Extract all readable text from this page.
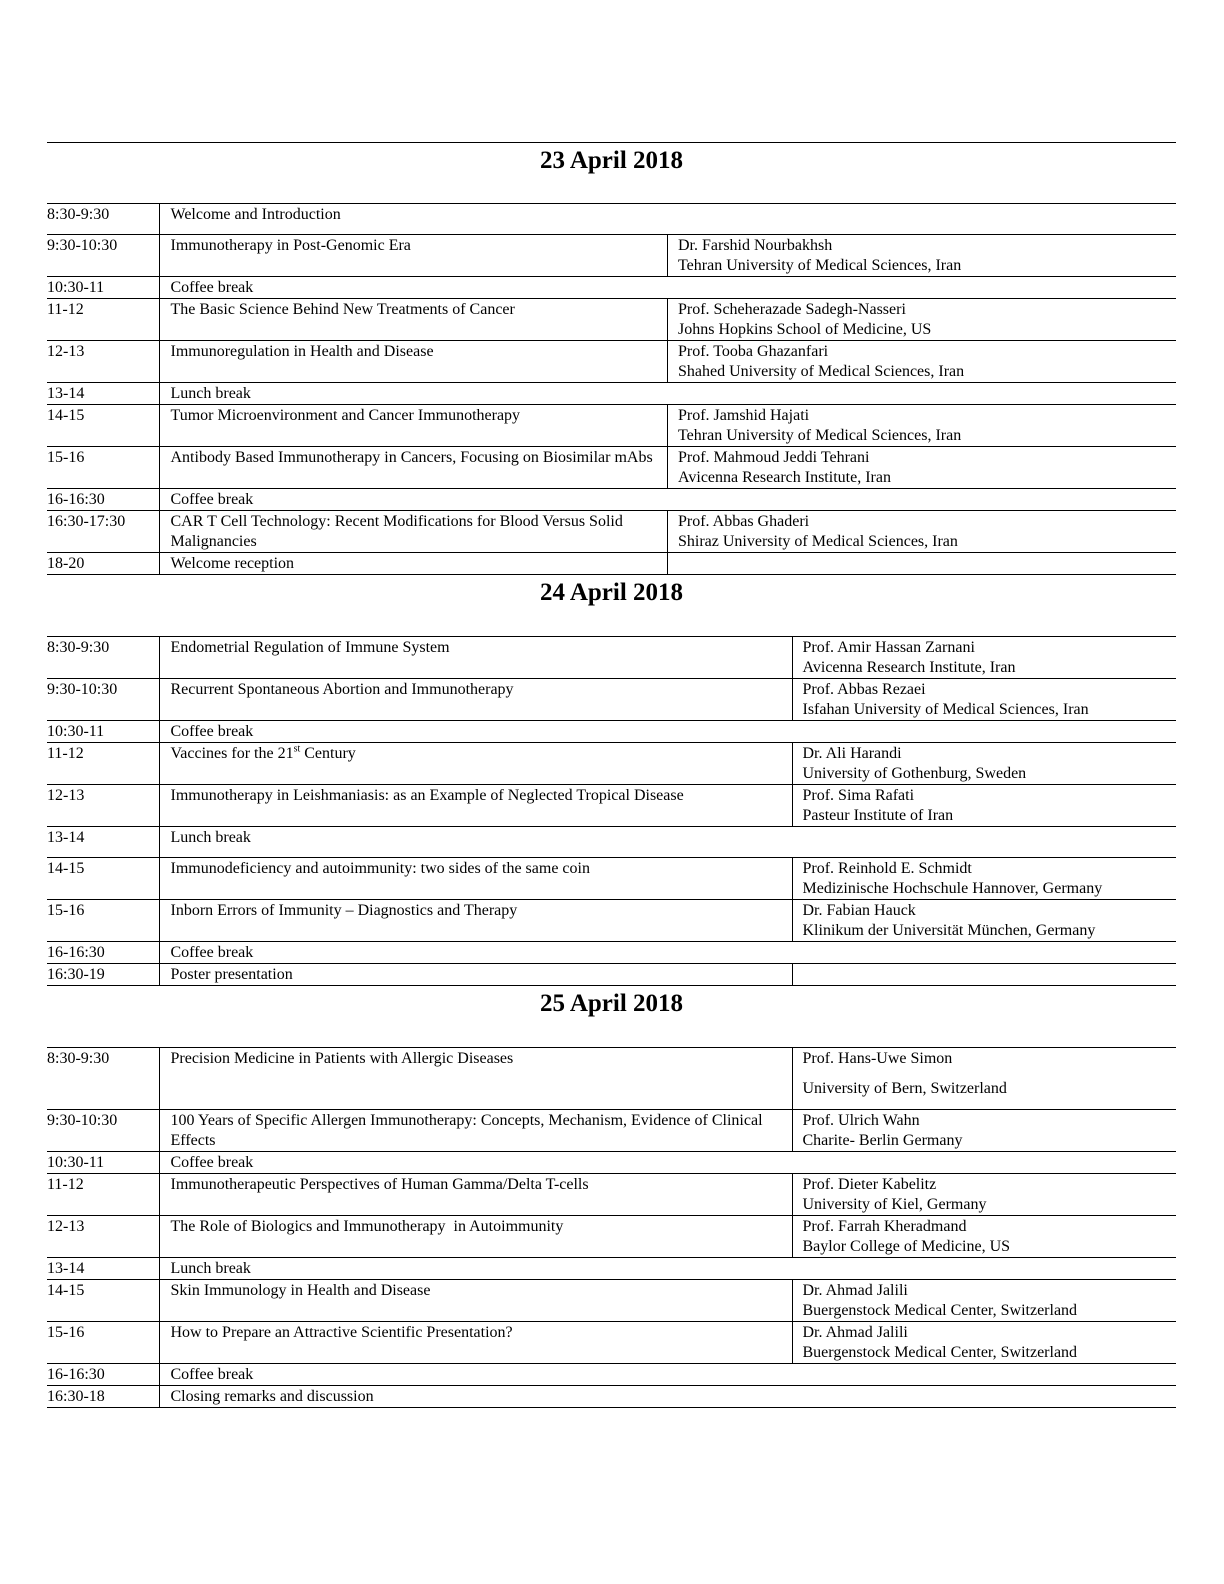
23 April 2018
8:30-9:30	Welcome and Introduction	
9:30-10:30	Immunotherapy in Post-Genomic Era	Dr. Farshid Nourbakhsh
Tehran University of Medical Sciences, Iran

10:30-11	Coffee break	
11-12	The Basic Science Behind New Treatments of Cancer	Prof. Scheherazade Sadegh-Nasseri
Johns Hopkins School of Medicine, US

12-13	Immunoregulation in Health and Disease	Prof. Tooba Ghazanfari
Shahed University of Medical Sciences, Iran

13-14	Lunch break	
14-15	Tumor Microenvironment and Cancer Immunotherapy	Prof. Jamshid Hajati
Tehran University of Medical Sciences, Iran

15-16	Antibody Based Immunotherapy in Cancers, Focusing on Biosimilar mAbs	Prof. Mahmoud Jeddi Tehrani
Avicenna Research Institute, Iran

16-16:30	Coffee break	
16:30-17:30	CAR T Cell Technology: Recent Modifications for Blood Versus Solid Malignancies	Prof. Abbas Ghaderi
Shiraz University of Medical Sciences, Iran

18-20	Welcome reception	
24 April 2018
8:30-9:30	Endometrial Regulation of Immune System	Prof. Amir Hassan Zarnani
Avicenna Research Institute, Iran

9:30-10:30	Recurrent Spontaneous Abortion and Immunotherapy	Prof. Abbas Rezaei
Isfahan University of Medical Sciences, Iran

10:30-11	Coffee break	
11-12	Vaccines for the 21st Century	Dr. Ali Harandi
University of Gothenburg, Sweden

12-13	Immunotherapy in Leishmaniasis: as an Example of Neglected Tropical Disease	Prof. Sima Rafati
Pasteur Institute of Iran

13-14	Lunch break	
14-15	Immunodeficiency and autoimmunity: two sides of the same coin	Prof. Reinhold E. Schmidt
Medizinische Hochschule Hannover, Germany

15-16	Inborn Errors of Immunity – Diagnostics and Therapy	Dr. Fabian Hauck
Klinikum der Universität München, Germany

16-16:30	Coffee break	
16:30-19	Poster presentation	
25 April 2018
8:30-9:30	Precision Medicine in Patients with Allergic Diseases	Prof. Hans-Uwe Simon
University of Bern, Switzerland

9:30-10:30	100 Years of Specific Allergen Immunotherapy: Concepts, Mechanism, Evidence of Clinical Effects	Prof. Ulrich Wahn
Charite- Berlin Germany

10:30-11	Coffee break	
11-12	Immunotherapeutic Perspectives of Human Gamma/Delta T-cells	Prof. Dieter Kabelitz
University of Kiel, Germany

12-13	The Role of Biologics and Immunotherapy  in Autoimmunity	Prof. Farrah Kheradmand
Baylor College of Medicine, US

13-14	Lunch break	
14-15	Skin Immunology in Health and Disease	Dr. Ahmad Jalili
Buergenstock Medical Center, Switzerland

15-16	How to Prepare an Attractive Scientific Presentation?	Dr. Ahmad Jalili
Buergenstock Medical Center, Switzerland

16-16:30	Coffee break	
16:30-18	Closing remarks and discussion	
